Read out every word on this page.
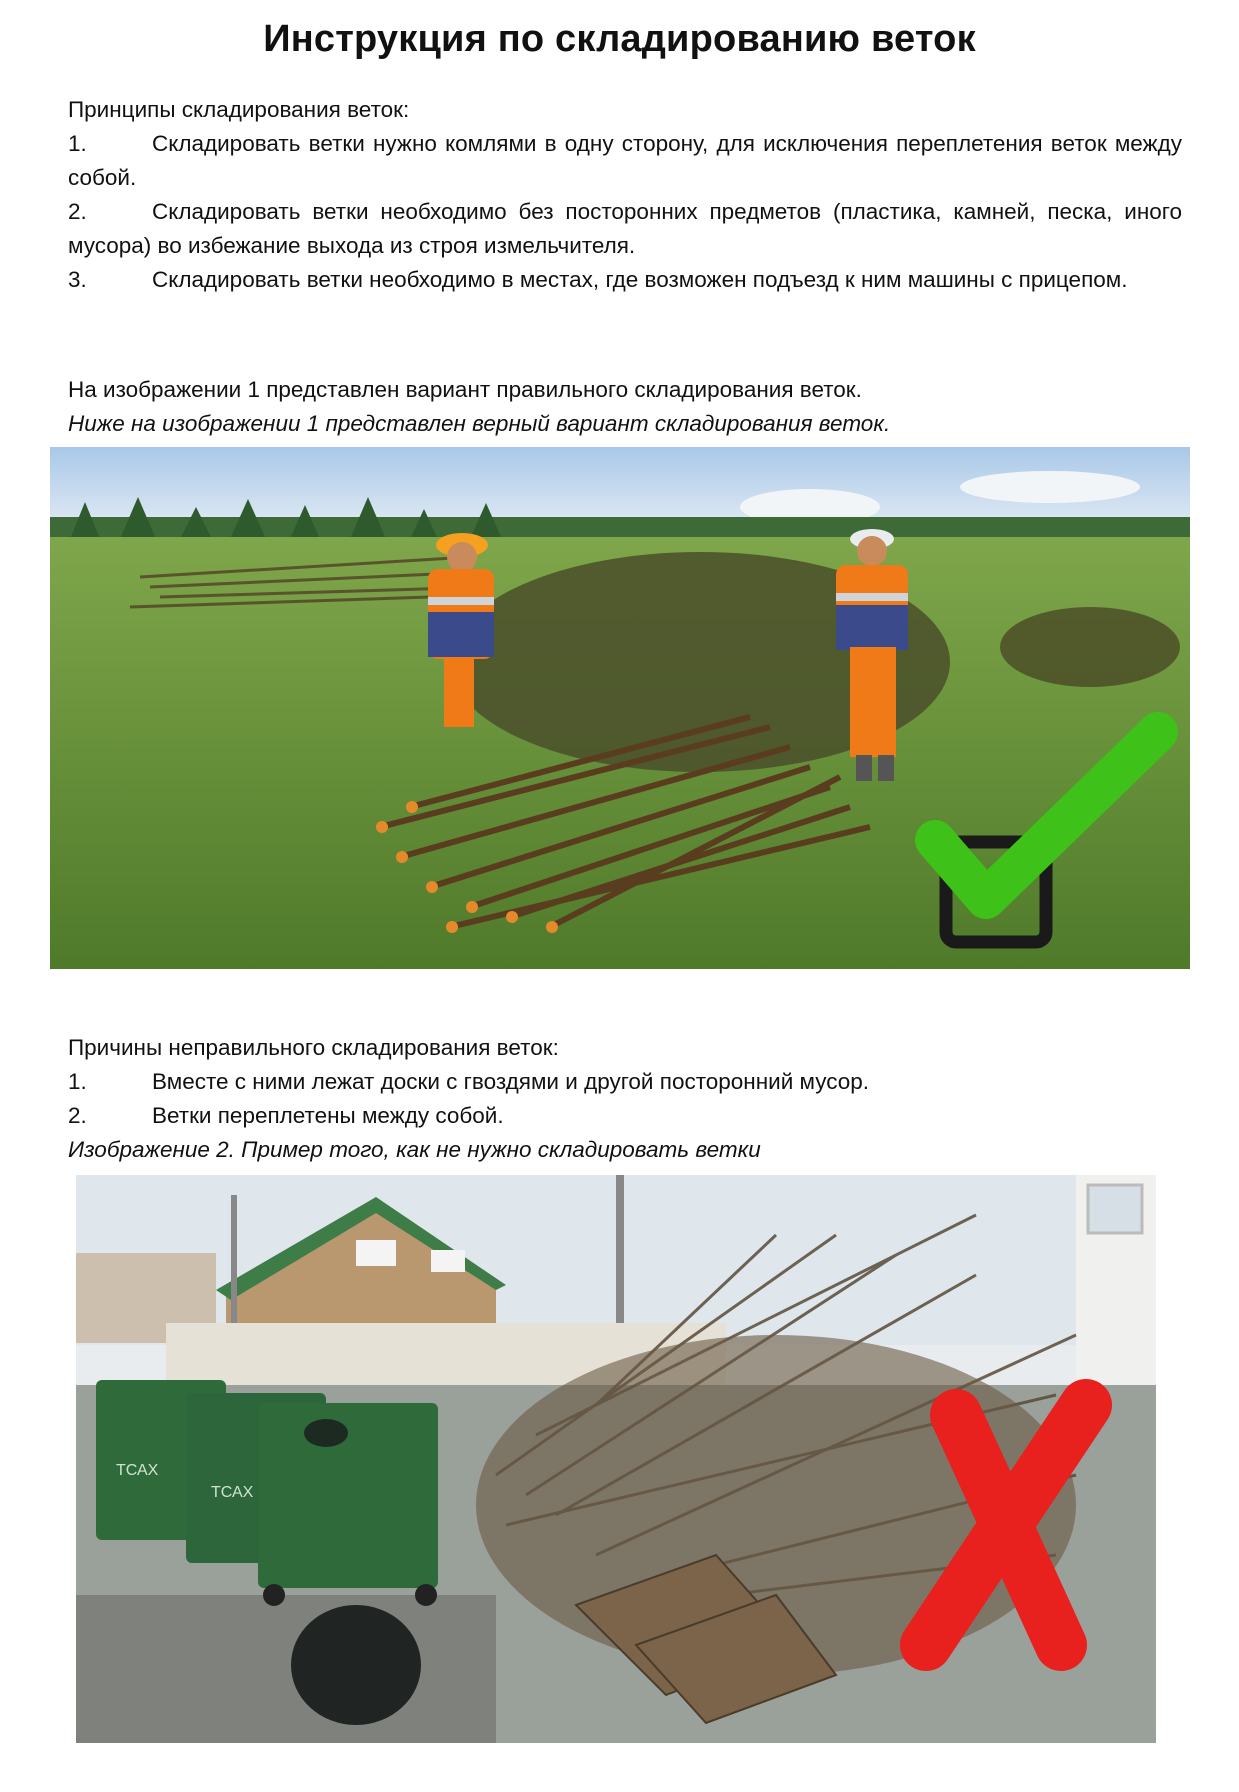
Инструкция по складированию веток

Принципы складирования веток:

1.	Складировать ветки нужно комлями в одну сторону, для исключения переплетения веток между собой.

2.	Складировать ветки необходимо без посторонних предметов (пластика, камней, песка, иного мусора) во избежание выхода из строя измельчителя.

3.	Складировать ветки необходимо в местах, где возможен подъезд к ним машины с прицепом.

На изображении 1 представлен вариант правильного складирования веток.

Ниже на изображении 1 представлен верный вариант складирования веток.

Причины неправильного складирования веток:

1.	Вместе с ними лежат доски с гвоздями и другой посторонний мусор.

2.	Ветки переплетены между собой.

Изображение 2. Пример того, как не нужно складировать ветки

ТСАХ
ТСАХ
